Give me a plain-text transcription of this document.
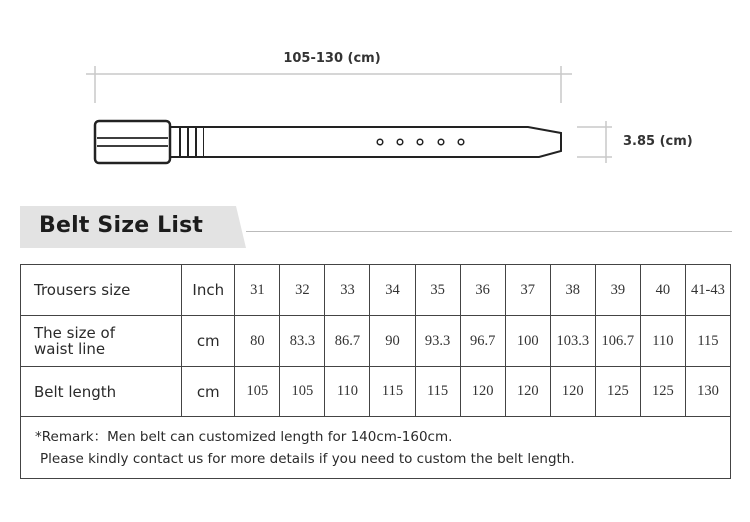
105-130 (cm)
3.85 (cm)
Belt Size List
Trousers size	Inch	31	32	33	34	35	36	37	38	39	40	41-43

The size of
waist line	cm	80	83.3	86.7	90	93.3	96.7	100	103.3	106.7	110	115
Belt length	cm	105	105	110	115	115	120	120	120	125	125	130

*Remark：Men belt can customized length for 140cm-160cm.
Please kindly contact us for more details if you need to custom the belt length.												
